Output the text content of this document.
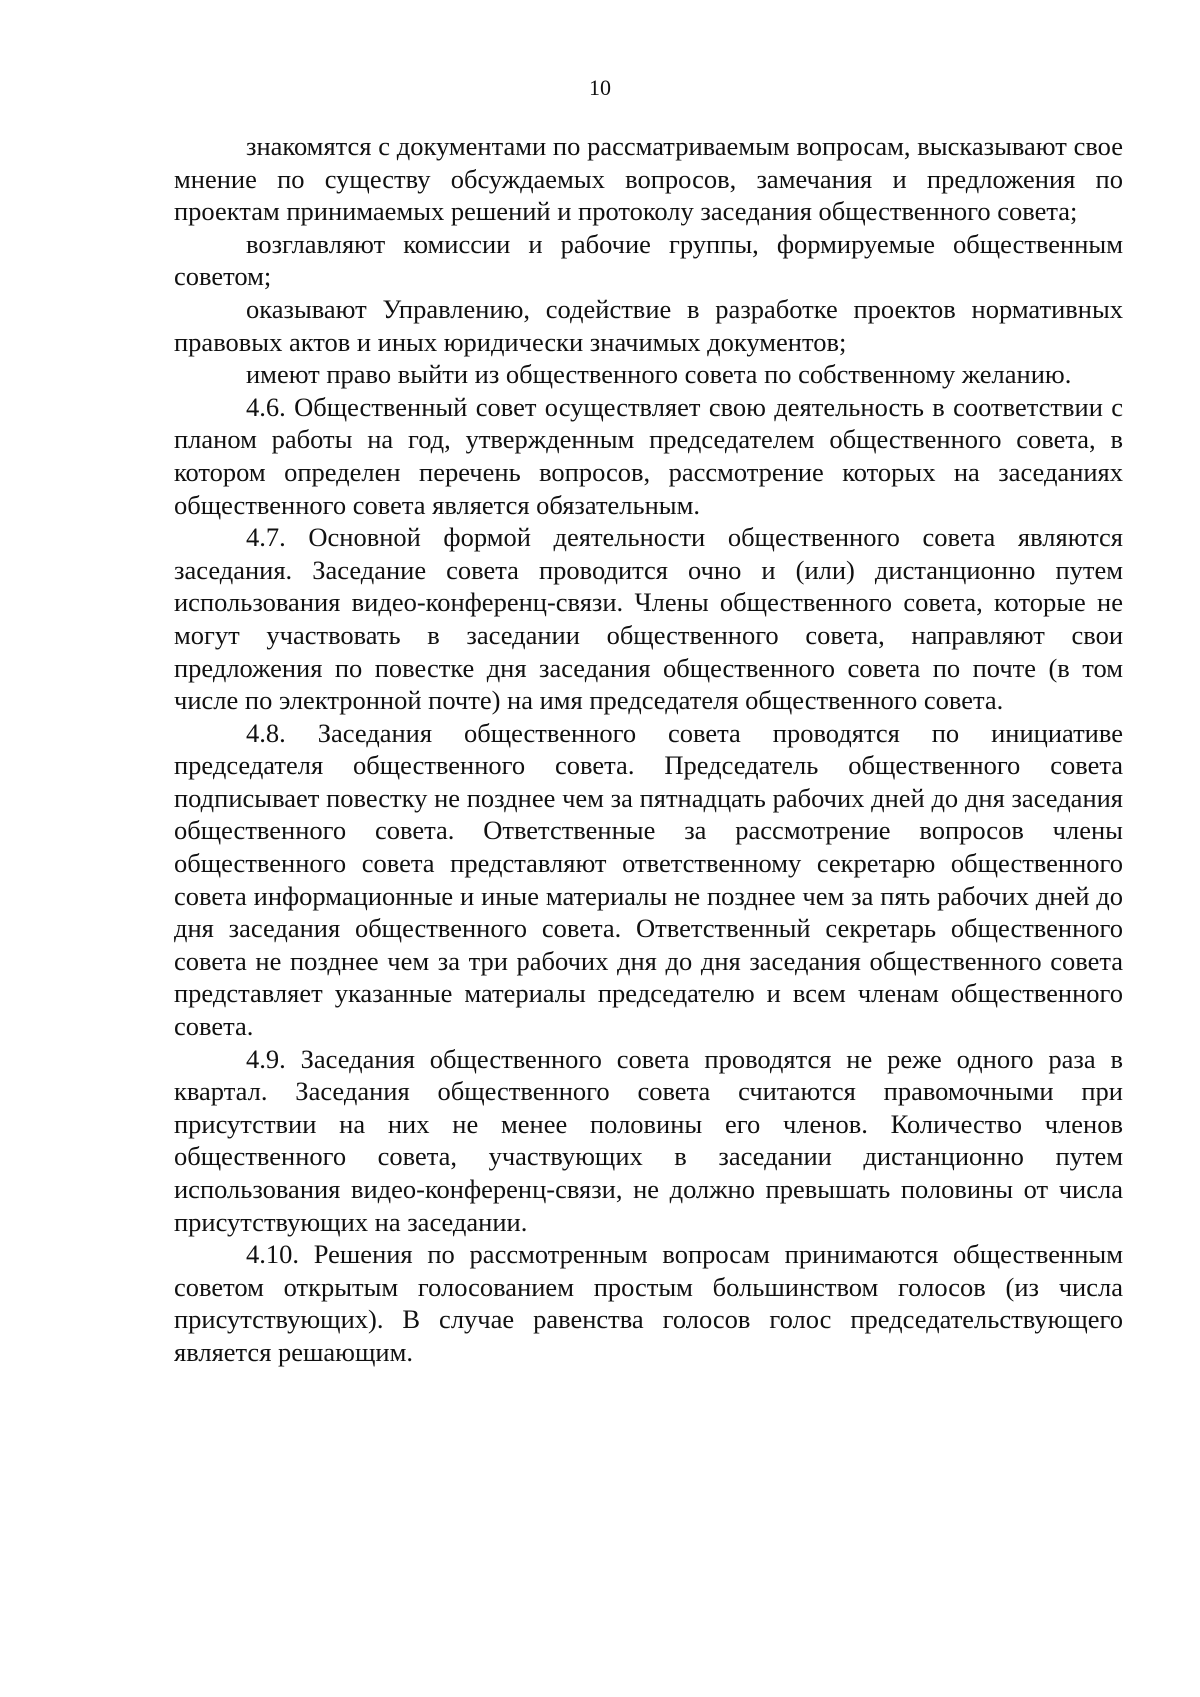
10

знакомятся с документами по рассматриваемым вопросам, высказывают свое мнение по существу обсуждаемых вопросов, замечания и предложения по проектам принимаемых решений и протоколу заседания общественного совета;

возглавляют комиссии и рабочие группы, формируемые общественным советом;

оказывают Управлению, содействие в разработке проектов нормативных правовых актов и иных юридически значимых документов;

имеют право выйти из общественного совета по собственному желанию.

4.6. Общественный совет осуществляет свою деятельность в соответствии с планом работы на год, утвержденным председателем общественного совета, в котором определен перечень вопросов, рассмотрение которых на заседаниях общественного совета является обязательным.

4.7. Основной формой деятельности общественного совета являются заседания. Заседание совета проводится очно и (или) дистанционно путем использования видео-конференц-связи. Члены общественного совета, которые не могут участвовать в заседании общественного совета, направляют свои предложения по повестке дня заседания общественного совета по почте (в том числе по электронной почте) на имя председателя общественного совета.

4.8. Заседания общественного совета проводятся по инициативе председателя общественного совета. Председатель общественного совета подписывает повестку не позднее чем за пятнадцать рабочих дней до дня заседания общественного совета. Ответственные за рассмотрение вопросов члены общественного совета представляют ответственному секретарю общественного совета информационные и иные материалы не позднее чем за пять рабочих дней до дня заседания общественного совета. Ответственный секретарь общественного совета не позднее чем за три рабочих дня до дня заседания общественного совета представляет указанные материалы председателю и всем членам общественного совета.

4.9. Заседания общественного совета проводятся не реже одного раза в квартал. Заседания общественного совета считаются правомочными при присутствии на них не менее половины его членов. Количество членов общественного совета, участвующих в заседании дистанционно путем использования видео-конференц-связи, не должно превышать половины от числа присутствующих на заседании.

4.10. Решения по рассмотренным вопросам принимаются общественным советом открытым голосованием простым большинством голосов (из числа присутствующих). В случае равенства голосов голос председательствующего является решающим.
